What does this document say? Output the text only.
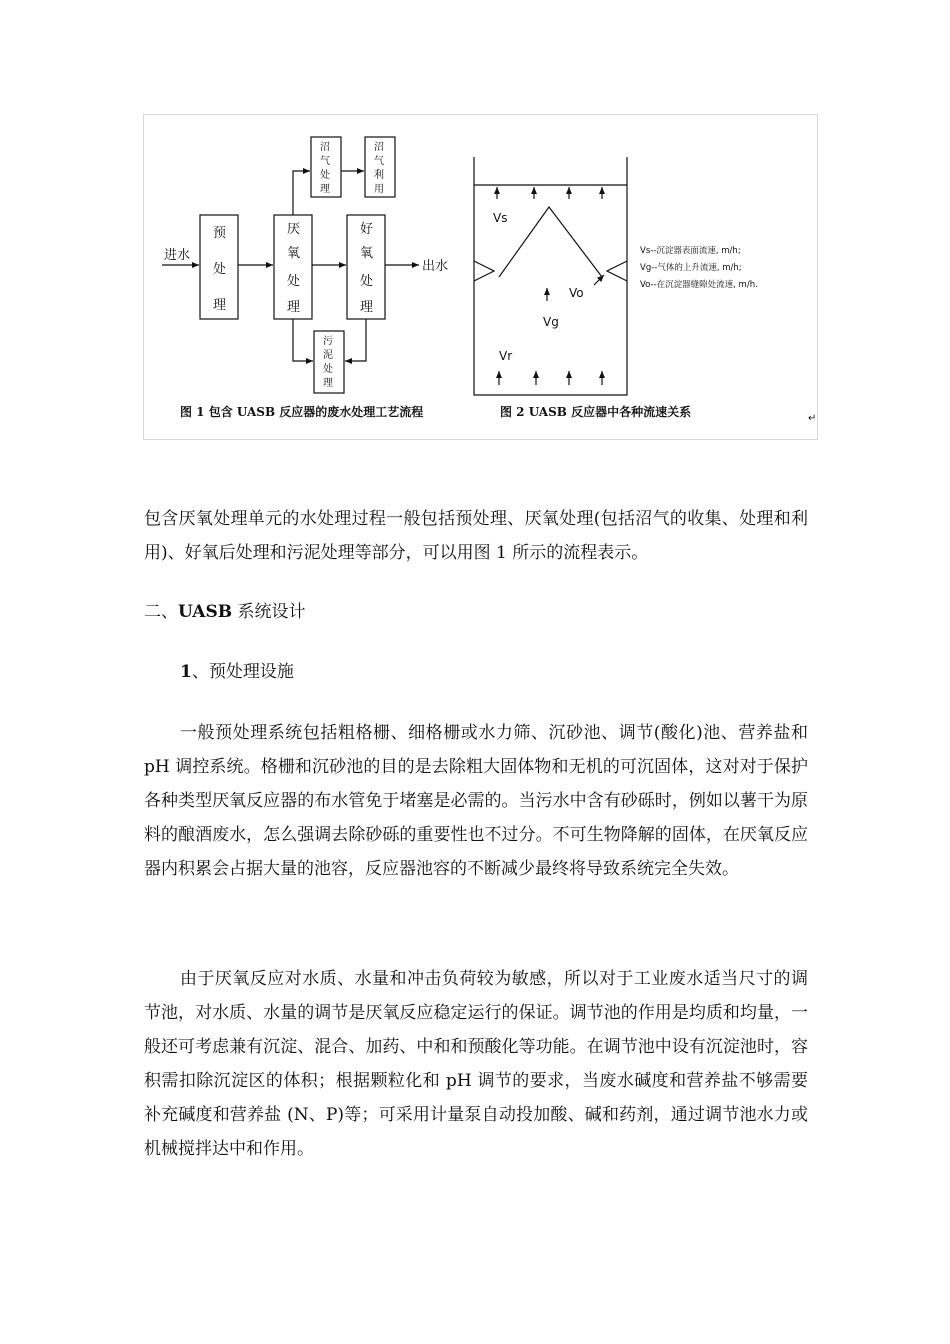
进水
出水
预
处
理
厌
氧
处
理
好
氧
处
理
沼
气
处
理
沼
气
利
用
污
泥
处
理
图 1 包含 UASB 反应器的废水处理工艺流程
Vs
Vo
Vg
Vr
Vs--沉淀器表面流速, m/h;
Vg--气体的上升流速, m/h;
Vo--在沉淀器缝隙处流速, m/h.
图 2 UASB 反应器中各种流速关系	↵

包含厌氧处理单元的水处理过程一般包括预处理、厌氧处理(包括沼气的收集、处理和利用)、好氧后处理和污泥处理等部分，可以用图 1 所示的流程表示。

二、UASB 系统设计

1、预处理设施

一般预处理系统包括粗格栅、细格栅或水力筛、沉砂池、调节(酸化)池、营养盐和 pH 调控系统。格栅和沉砂池的目的是去除粗大固体物和无机的可沉固体，这对对于保护各种类型厌氧反应器的布水管免于堵塞是必需的。当污水中含有砂砾时，例如以薯干为原料的酿酒废水，怎么强调去除砂砾的重要性也不过分。不可生物降解的固体，在厌氧反应器内积累会占据大量的池容，反应器池容的不断减少最终将导致系统完全失效。

由于厌氧反应对水质、水量和冲击负荷较为敏感，所以对于工业废水适当尺寸的调节池，对水质、水量的调节是厌氧反应稳定运行的保证。调节池的作用是均质和均量，一般还可考虑兼有沉淀、混合、加药、中和和预酸化等功能。在调节池中设有沉淀池时，容积需扣除沉淀区的体积；根据颗粒化和 pH 调节的要求，当废水碱度和营养盐不够需要补充碱度和营养盐 (N、P)等；可采用计量泵自动投加酸、碱和药剂，通过调节池水力或机械搅拌达中和作用。
